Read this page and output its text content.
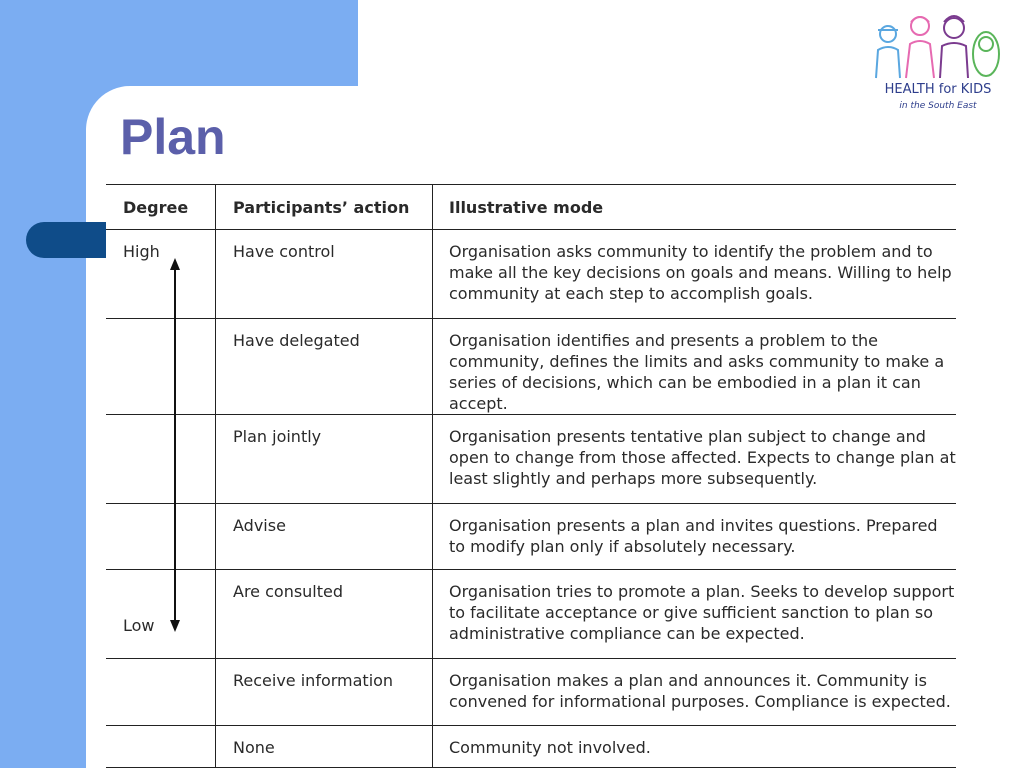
Plan
HEALTH for KIDS
in the South East
Degree	Participants’ action	Illustrative mode
High	Have control	Organisation asks community to identify the problem and to make all the key decisions on goals and means. Willing to help community at each step to accomplish goals.
	Have delegated	Organisation identifies and presents a problem to the community, defines the limits and asks community to make a series of decisions, which can be embodied in a plan it can accept.
	Plan jointly	Organisation presents tentative plan subject to change and open to change from those affected. Expects to change plan at least slightly and perhaps more subsequently.
	Advise	Organisation presents a plan and invites questions. Prepared to modify plan only if absolutely necessary.
	Are consulted	Organisation tries to promote a plan. Seeks to develop support to facilitate acceptance or give sufficient sanction to plan so administrative compliance can be expected.
	Receive information	Organisation makes a plan and announces it. Community is convened for informational purposes. Compliance is expected.
	None	Community not involved.
Low
